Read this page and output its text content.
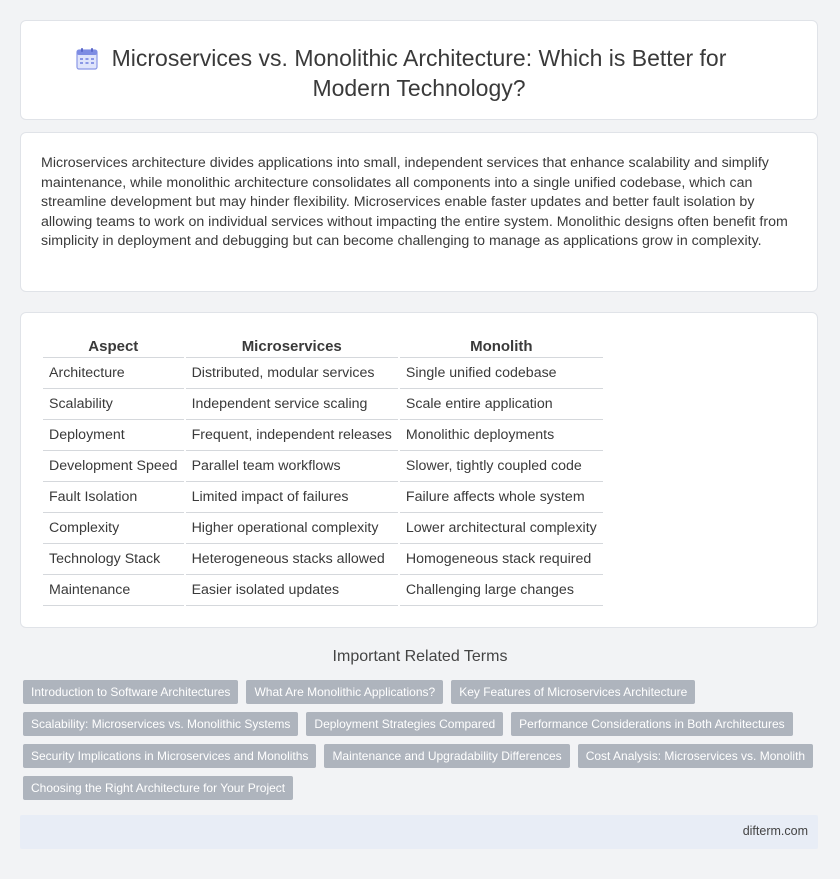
Microservices vs. Monolithic Architecture: Which is Better for Modern Technology?

Microservices architecture divides applications into small, independent services that enhance scalability and simplify maintenance, while monolithic architecture consolidates all components into a single unified codebase, which can streamline development but may hinder flexibility. Microservices enable faster updates and better fault isolation by allowing teams to work on individual services without impacting the entire system. Monolithic designs often benefit from simplicity in deployment and debugging but can become challenging to manage as applications grow in complexity.

Aspect	Microservices	Monolith
Architecture	Distributed, modular services	Single unified codebase
Scalability	Independent service scaling	Scale entire application
Deployment	Frequent, independent releases	Monolithic deployments
Development Speed	Parallel team workflows	Slower, tightly coupled code
Fault Isolation	Limited impact of failures	Failure affects whole system
Complexity	Higher operational complexity	Lower architectural complexity
Technology Stack	Heterogeneous stacks allowed	Homogeneous stack required
Maintenance	Easier isolated updates	Challenging large changes
Important Related Terms
Introduction to Software Architectures	What Are Monolithic Applications?	Key Features of Microservices Architecture
Scalability: Microservices vs. Monolithic Systems	Deployment Strategies Compared	Performance Considerations in Both Architectures
Security Implications in Microservices and Monoliths	Maintenance and Upgradability Differences	Cost Analysis: Microservices vs. Monolith
Choosing the Right Architecture for Your Project
difterm.com
